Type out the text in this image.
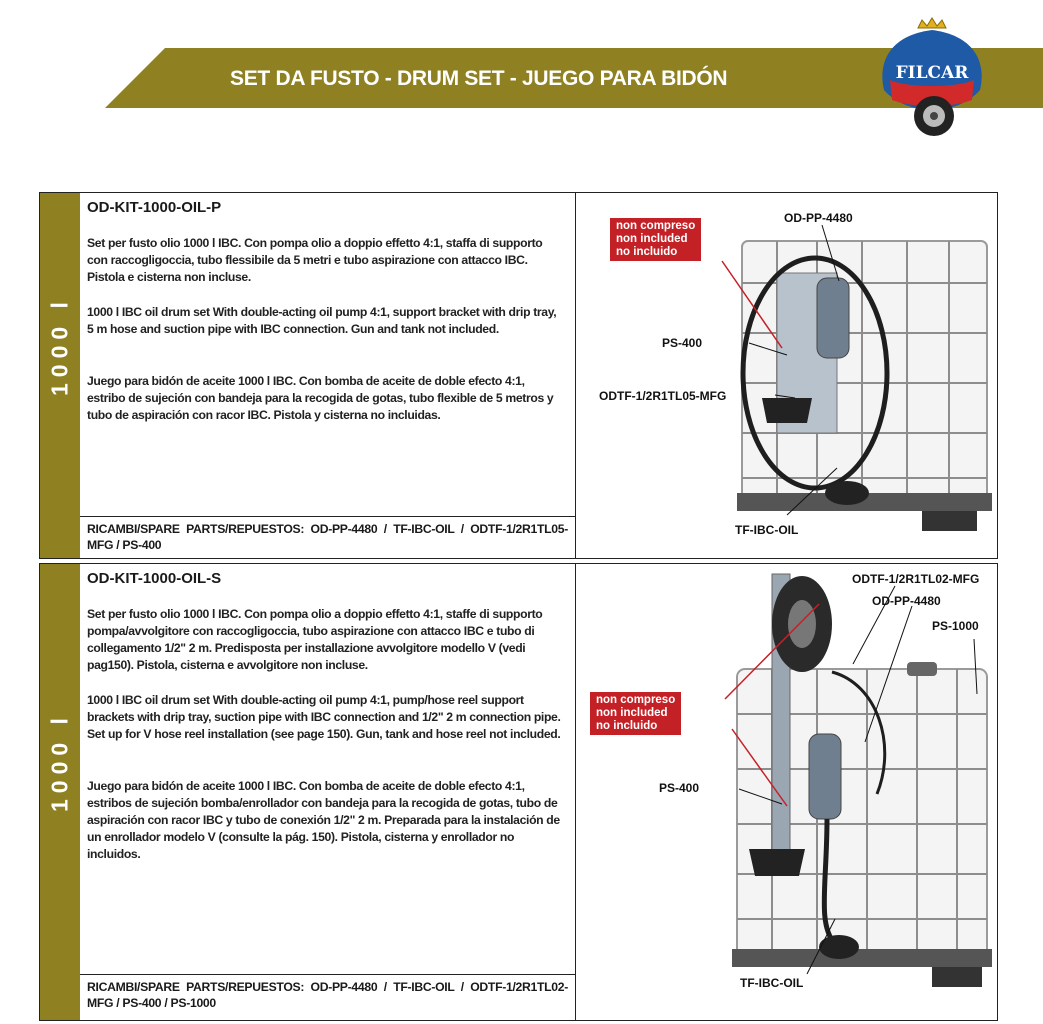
SET DA FUSTO - DRUM SET - JUEGO PARA BIDÓN	FILCAR
1000 l
OD-KIT-1000-OIL-P
Set per fusto olio 1000 l IBC. Con pompa olio a doppio effetto 4:1, staffa di supporto con raccogligoccia, tubo flessibile da 5 metri e tubo aspirazione con attacco IBC. Pistola e cisterna non incluse.
1000 l IBC oil drum set With double-acting oil pump 4:1, support bracket with drip tray, 5 m hose and suction pipe with IBC connection. Gun and tank not included.
Juego para bidón de aceite 1000 l IBC. Con bomba de aceite de doble efecto 4:1, estribo de sujeción con bandeja para la recogida de gotas, tubo flexible de 5 metros y tubo de aspiración con racor IBC. Pistola y cisterna no incluidas.
RICAMBI/SPARE PARTS/REPUESTOS: OD-PP-4480 / TF-IBC-OIL / ODTF-1/2R1TL05-MFG / PS-400
non compreso
non included
no incluido
OD-PP-4480
PS-400
ODTF-1/2R1TL05-MFG
TF-IBC-OIL
1000 l
OD-KIT-1000-OIL-S
Set per fusto olio 1000 l IBC. Con pompa olio a doppio effetto 4:1, staffe di supporto pompa/avvolgitore con raccogligoccia, tubo aspirazione con attacco IBC e tubo di collegamento 1/2" 2 m. Predisposta per installazione avvolgitore modello V (vedi pag150). Pistola, cisterna e avvolgitore non incluse.
1000 l IBC oil drum set With double-acting oil pump 4:1, pump/hose reel support brackets with drip tray, suction pipe with IBC connection and 1/2" 2 m connection pipe. Set up for V hose reel installation (see page 150). Gun, tank and hose reel not included.
Juego para bidón de aceite 1000 l IBC. Con bomba de aceite de doble efecto 4:1, estribos de sujeción bomba/enrollador con bandeja para la recogida de gotas, tubo de aspiración con racor IBC y tubo de conexión 1/2" 2 m. Preparada para la instalación de un enrollador modelo V (consulte la pág. 150). Pistola, cisterna y enrollador no incluidos.
RICAMBI/SPARE PARTS/REPUESTOS: OD-PP-4480 / TF-IBC-OIL / ODTF-1/2R1TL02-MFG / PS-400 / PS-1000
non compreso
non included
no incluido
ODTF-1/2R1TL02-MFG
OD-PP-4480
PS-1000
PS-400
TF-IBC-OIL
